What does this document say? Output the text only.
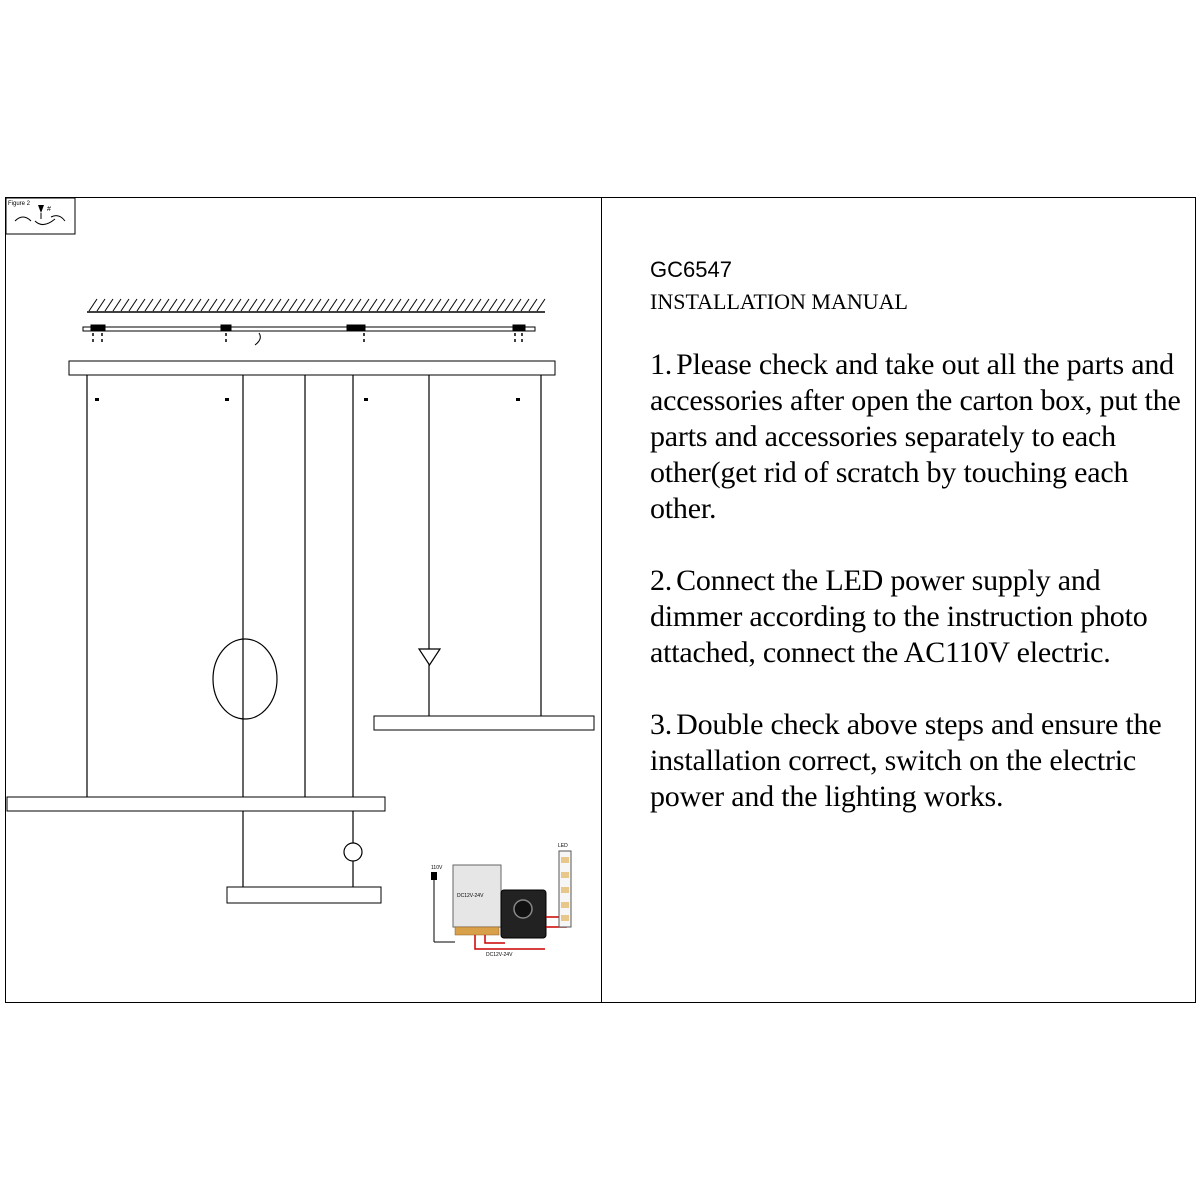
Figure 2
#
110V
DC12V-24V
DC12V-24V
LED
GC6547
INSTALLATION MANUAL
1. Please check and take out all the parts and accessories after open the carton box, put the parts and accessories separately to each other(get rid of scratch by touching each other.
2. Connect the LED power supply and dimmer according to the instruction photo attached, connect the AC110V electric.
3. Double check above steps and ensure the installation correct, switch on the electric power and the lighting works.
